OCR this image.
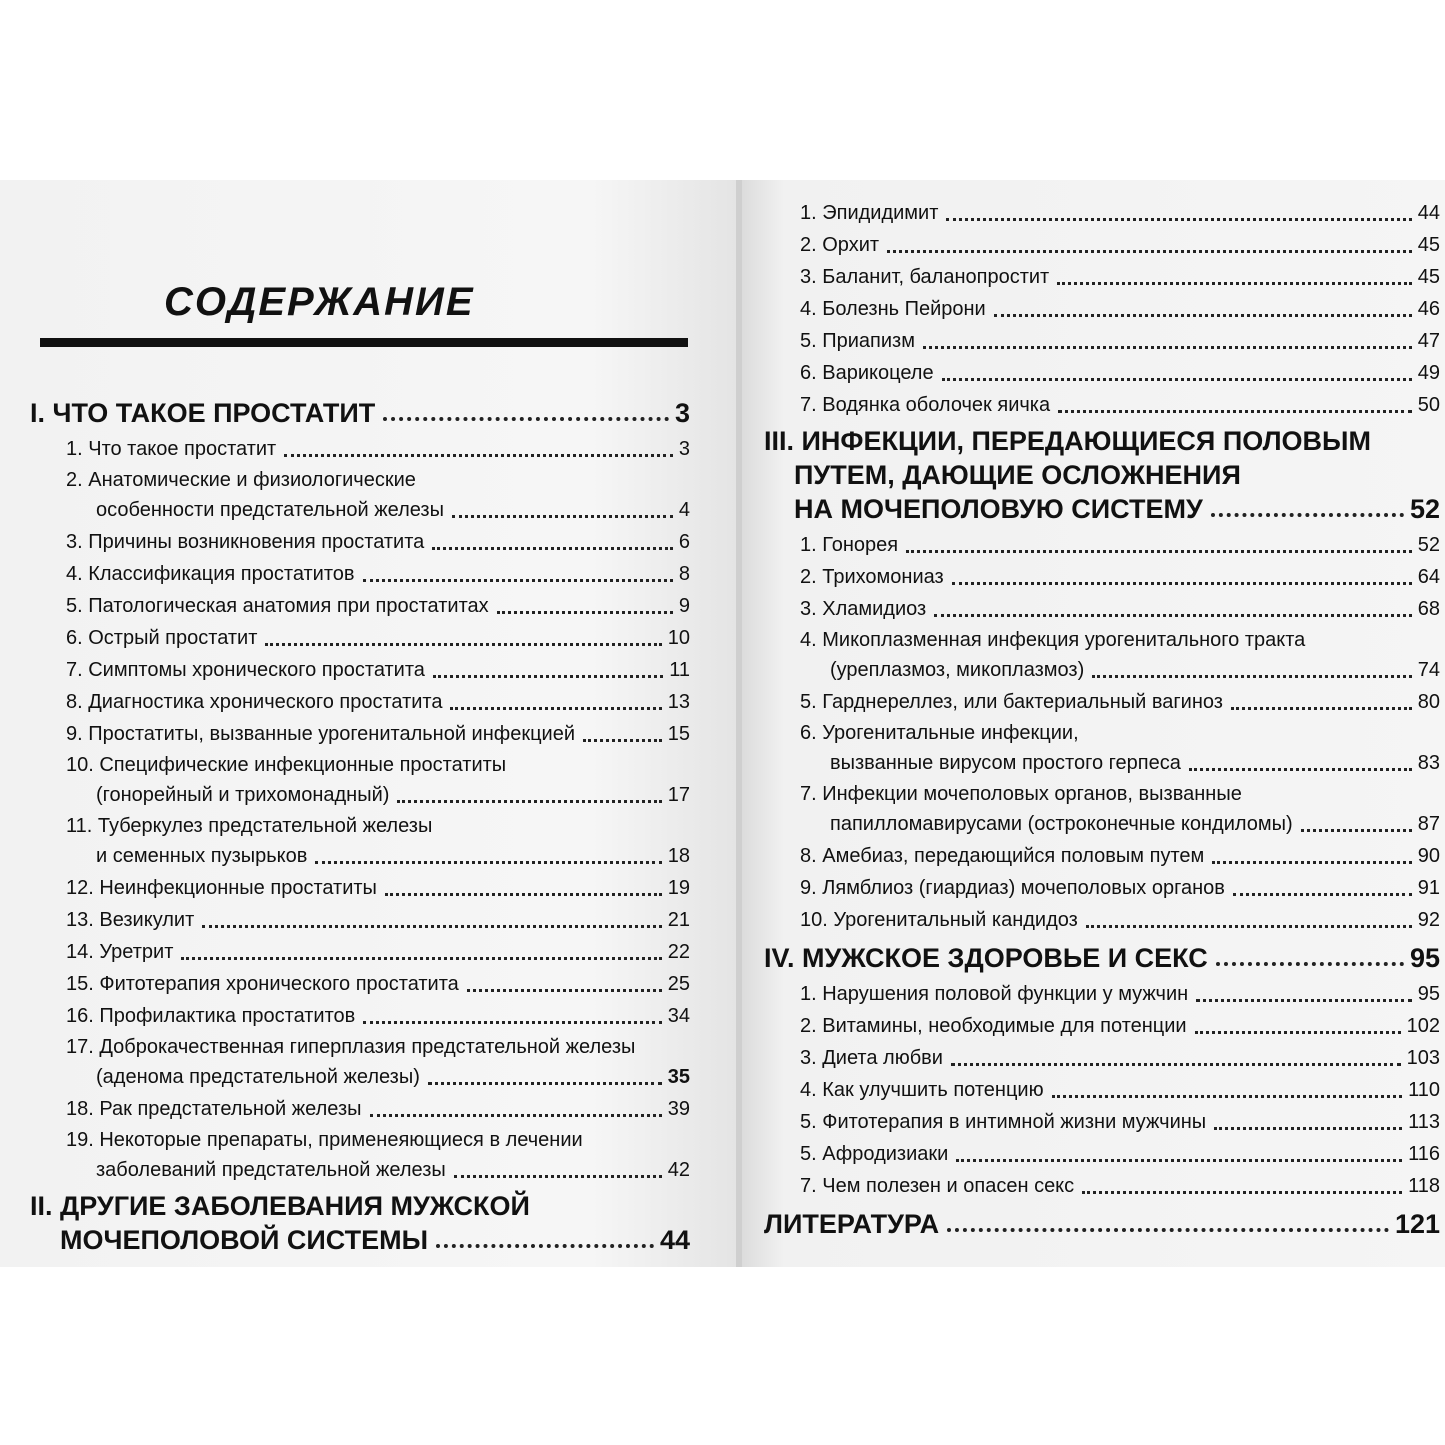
СОДЕРЖАНИЕ
I. ЧТО ТАКОЕ ПРОСТАТИТ	3
1. Что такое простатит	3
2. Анатомические и физиологические
особенности предстательной железы	4
3. Причины возникновения простатита	6
4. Классификация простатитов	8
5. Патологическая анатомия при простатитах	9
6. Острый простатит	10
7. Симптомы хронического простатита	11
8. Диагностика хронического простатита	13
9. Простатиты, вызванные урогенитальной инфекцией	15
10. Специфические инфекционные простатиты
(гонорейный и трихомонадный)	17
11. Туберкулез предстательной железы
и семенных пузырьков	18
12. Неинфекционные простатиты	19
13. Везикулит	21
14. Уретрит	22
15. Фитотерапия хронического простатита	25
16. Профилактика простатитов	34
17. Доброкачественная гиперплазия предстательной железы
(аденома предстательной железы)	35
18. Рак предстательной железы	39
19. Некоторые препараты, применеяющиеся в лечении
заболеваний предстательной железы	42
II. ДРУГИЕ ЗАБОЛЕВАНИЯ МУЖСКОЙ
МОЧЕПОЛОВОЙ СИСТЕМЫ	44
1. Эпидидимит	44
2. Орхит	45
3. Баланит, баланопростит	45
4. Болезнь Пейрони	46
5. Приапизм	47
6. Варикоцеле	49
7. Водянка оболочек яичка	50
III. ИНФЕКЦИИ, ПЕРЕДАЮЩИЕСЯ ПОЛОВЫМ
ПУТЕМ, ДАЮЩИЕ ОСЛОЖНЕНИЯ
НА МОЧЕПОЛОВУЮ СИСТЕМУ	52
1. Гонорея	52
2. Трихомониаз	64
3. Хламидиоз	68
4. Микоплазменная инфекция урогенитального тракта
(уреплазмоз, микоплазмоз)	74
5. Гарднереллез, или бактериальный вагиноз	80
6. Урогенитальные инфекции,
вызванные вирусом простого герпеса	83
7. Инфекции мочеполовых органов, вызванные
папилломавирусами (остроконечные кондиломы)	87
8. Амебиаз, передающийся половым путем	90
9. Лямблиоз (гиардиаз) мочеполовых органов	91
10. Урогенитальный кандидоз	92
IV. МУЖСКОЕ ЗДОРОВЬЕ И СЕКС	95
1. Нарушения половой функции у мужчин	95
2. Витамины, необходимые для потенции	102
3. Диета любви	103
4. Как улучшить потенцию	110
5. Фитотерапия в интимной жизни мужчины	113
5. Афродизиаки	116
7. Чем полезен и опасен секс	118
ЛИТЕРАТУРА	121
